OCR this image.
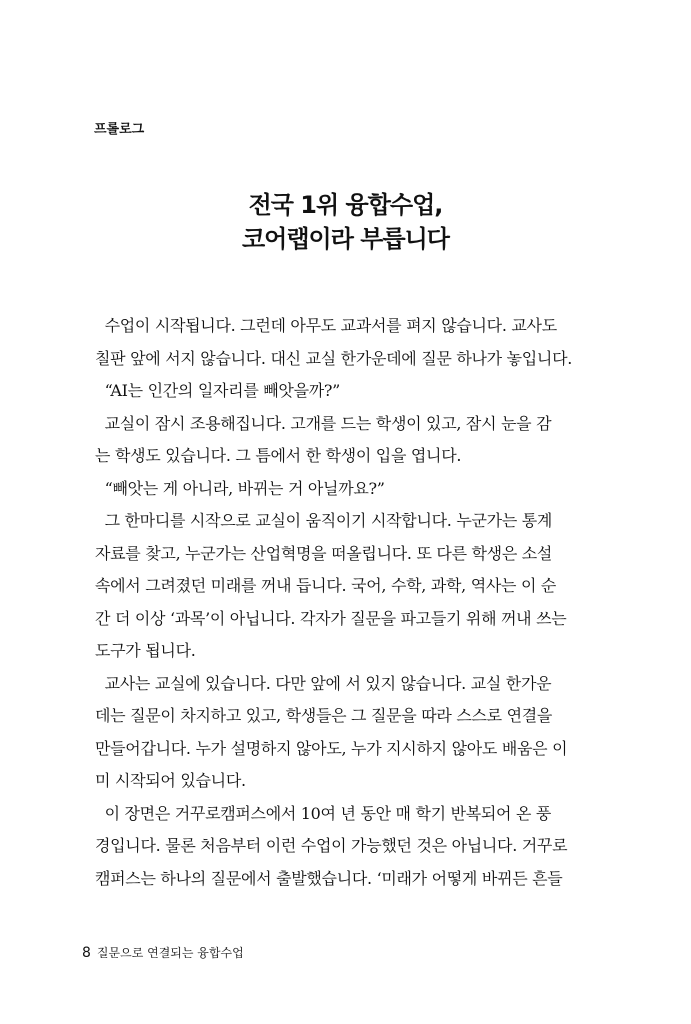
프롤로그
전국 1위 융합수업,
코어랩이라 부릅니다
수업이 시작됩니다. 그런데 아무도 교과서를 펴지 않습니다. 교사도
칠판 앞에 서지 않습니다. 대신 교실 한가운데에 질문 하나가 놓입니다.
“AI는 인간의 일자리를 빼앗을까?”
교실이 잠시 조용해집니다. 고개를 드는 학생이 있고, 잠시 눈을 감
는 학생도 있습니다. 그 틈에서 한 학생이 입을 엽니다.
“빼앗는 게 아니라, 바뀌는 거 아닐까요?”
그 한마디를 시작으로 교실이 움직이기 시작합니다. 누군가는 통계
자료를 찾고, 누군가는 산업혁명을 떠올립니다. 또 다른 학생은 소설
속에서 그려졌던 미래를 꺼내 듭니다. 국어, 수학, 과학, 역사는 이 순
간 더 이상 ‘과목’이 아닙니다. 각자가 질문을 파고들기 위해 꺼내 쓰는
도구가 됩니다.
교사는 교실에 있습니다. 다만 앞에 서 있지 않습니다. 교실 한가운
데는 질문이 차지하고 있고, 학생들은 그 질문을 따라 스스로 연결을
만들어갑니다. 누가 설명하지 않아도, 누가 지시하지 않아도 배움은 이
미 시작되어 있습니다.
이 장면은 거꾸로캠퍼스에서 10여 년 동안 매 학기 반복되어 온 풍
경입니다. 물론 처음부터 이런 수업이 가능했던 것은 아닙니다. 거꾸로
캠퍼스는 하나의 질문에서 출발했습니다. ‘미래가 어떻게 바뀌든 흔들
8 질문으로 연결되는 융합수업
